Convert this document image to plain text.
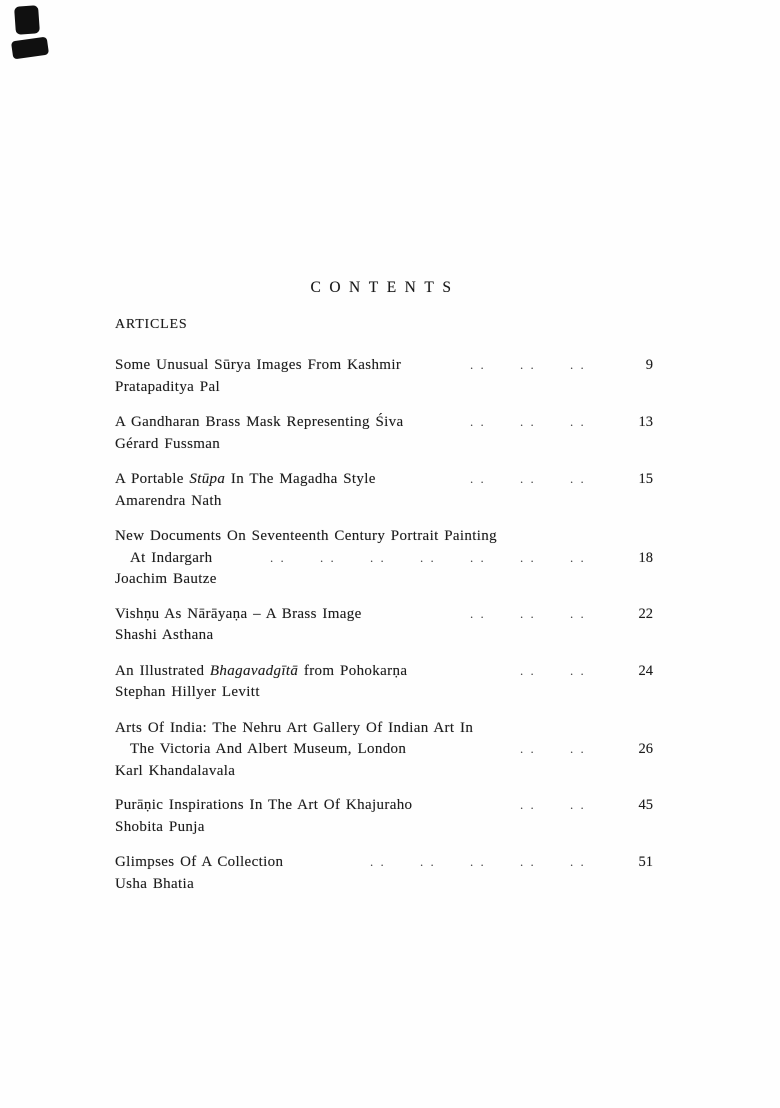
CONTENTS
ARTICLES
Some Unusual Sūrya Images From Kashmir	. .	. .	. .	9
Pratapaditya Pal
A Gandharan Brass Mask Representing Śiva	. .	. .	. .	13
Gérard Fussman
A Portable Stūpa In The Magadha Style	. .	. .	. .	15
Amarendra Nath
New Documents On Seventeenth Century Portrait Painting
At Indargarh	. .	. .	. .	. .	. .	. .	. .	18
Joachim Bautze
Vishṇu As Nārāyaṇa – A Brass Image	. .	. .	. .	22
Shashi Asthana
An Illustrated Bhagavadgītā from Pohokarṇa	. .	. .	24
Stephan Hillyer Levitt
Arts Of India: The Nehru Art Gallery Of Indian Art In
The Victoria And Albert Museum, London	. .	. .	26
Karl Khandalavala
Purāṇic Inspirations In The Art Of Khajuraho	. .	. .	45
Shobita Punja
Glimpses Of A Collection	. .	. .	. .	. .	. .	51
Usha Bhatia
